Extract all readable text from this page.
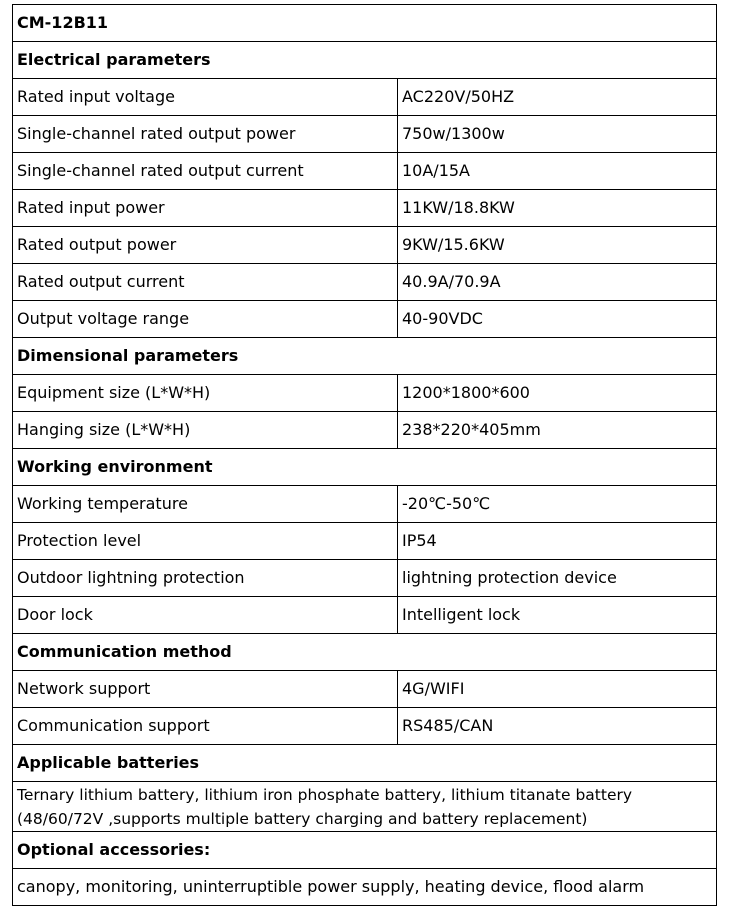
CM-12B11	
Electrical parameters	
Rated input voltage	AC220V/50HZ
Single-channel rated output power	750w/1300w
Single-channel rated output current	10A/15A
Rated input power	11KW/18.8KW
Rated output power	9KW/15.6KW
Rated output current	40.9A/70.9A
Output voltage range	40-90VDC
Dimensional parameters	
Equipment size (L*W*H)	1200*1800*600
Hanging size (L*W*H)	238*220*405mm
Working environment	
Working temperature	-20℃-50℃
Protection level	IP54
Outdoor lightning protection	lightning protection device
Door lock	Intelligent lock
Communication method	
Network support	4G/WIFI
Communication support	RS485/CAN
Applicable batteries	
Ternary lithium battery, lithium iron phosphate battery, lithium titanate battery (48/60/72V ,supports multiple battery charging and battery replacement)	
Optional accessories:	
canopy, monitoring, uninterruptible power supply, heating device, flood alarm	
